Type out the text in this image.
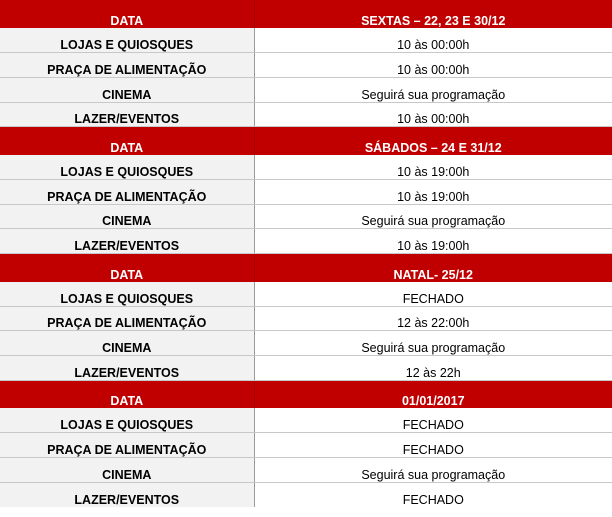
DATA	SEXTAS – 22, 23 E 30/12
LOJAS E QUIOSQUES	10 às 00:00h
PRAÇA DE ALIMENTAÇÃO	10 às 00:00h
CINEMA	Seguirá sua programação
LAZER/EVENTOS	10 às 00:00h
DATA	SÁBADOS – 24 E 31/12
LOJAS E QUIOSQUES	10 às 19:00h
PRAÇA DE ALIMENTAÇÃO	10 às 19:00h
CINEMA	Seguirá sua programação
LAZER/EVENTOS	10 às 19:00h
DATA	NATAL- 25/12
LOJAS E QUIOSQUES	FECHADO
PRAÇA DE ALIMENTAÇÃO	12 às 22:00h
CINEMA	Seguirá sua programação
LAZER/EVENTOS	12 às 22h
DATA	01/01/2017
LOJAS E QUIOSQUES	FECHADO
PRAÇA DE ALIMENTAÇÃO	FECHADO
CINEMA	Seguirá sua programação
LAZER/EVENTOS	FECHADO
